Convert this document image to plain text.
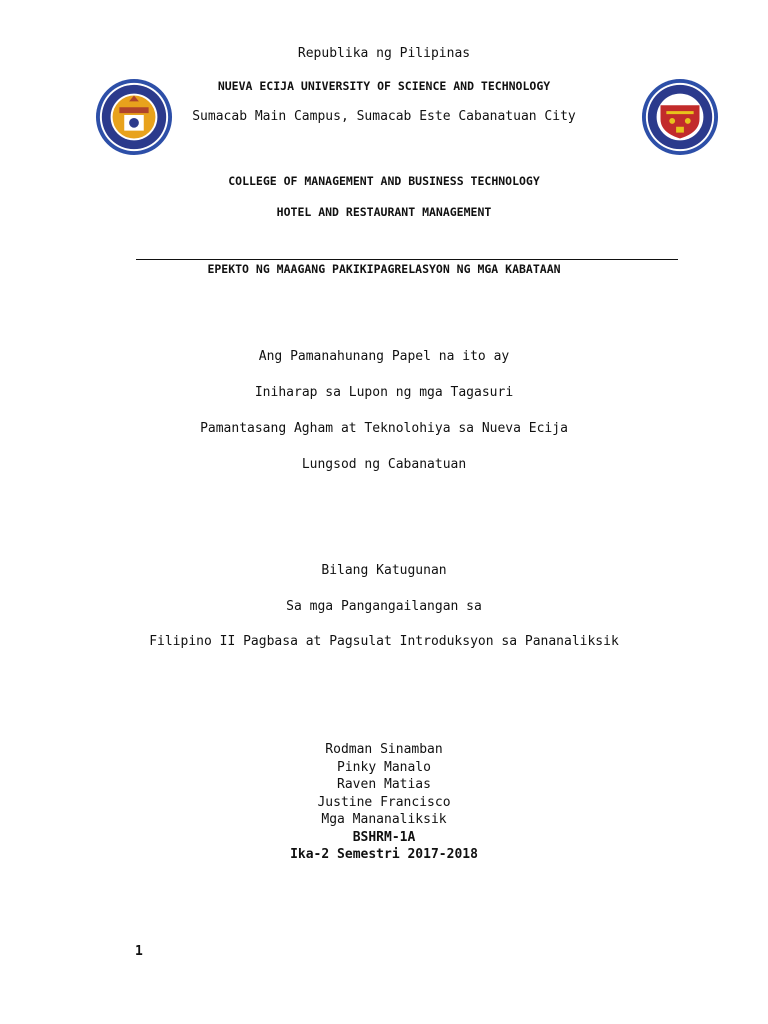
Republika ng Pilipinas
NUEVA ECIJA UNIVERSITY OF SCIENCE AND TECHNOLOGY
Sumacab Main Campus, Sumacab Este Cabanatuan City
COLLEGE OF MANAGEMENT AND BUSINESS TECHNOLOGY
HOTEL AND RESTAURANT MANAGEMENT
EPEKTO NG MAAGANG PAKIKIPAGRELASYON NG MGA KABATAAN
Ang Pamanahunang Papel na ito ay
Iniharap sa Lupon ng mga Tagasuri
Pamantasang Agham at Teknolohiya sa Nueva Ecija
Lungsod ng Cabanatuan
Bilang Katugunan
Sa mga Pangangailangan sa
Filipino II Pagbasa at Pagsulat Introduksyon sa Pananaliksik
Rodman Sinamban
Pinky Manalo
Raven Matias
Justine Francisco
Mga Mananaliksik
BSHRM-1A
Ika-2 Semestri 2017-2018
1
